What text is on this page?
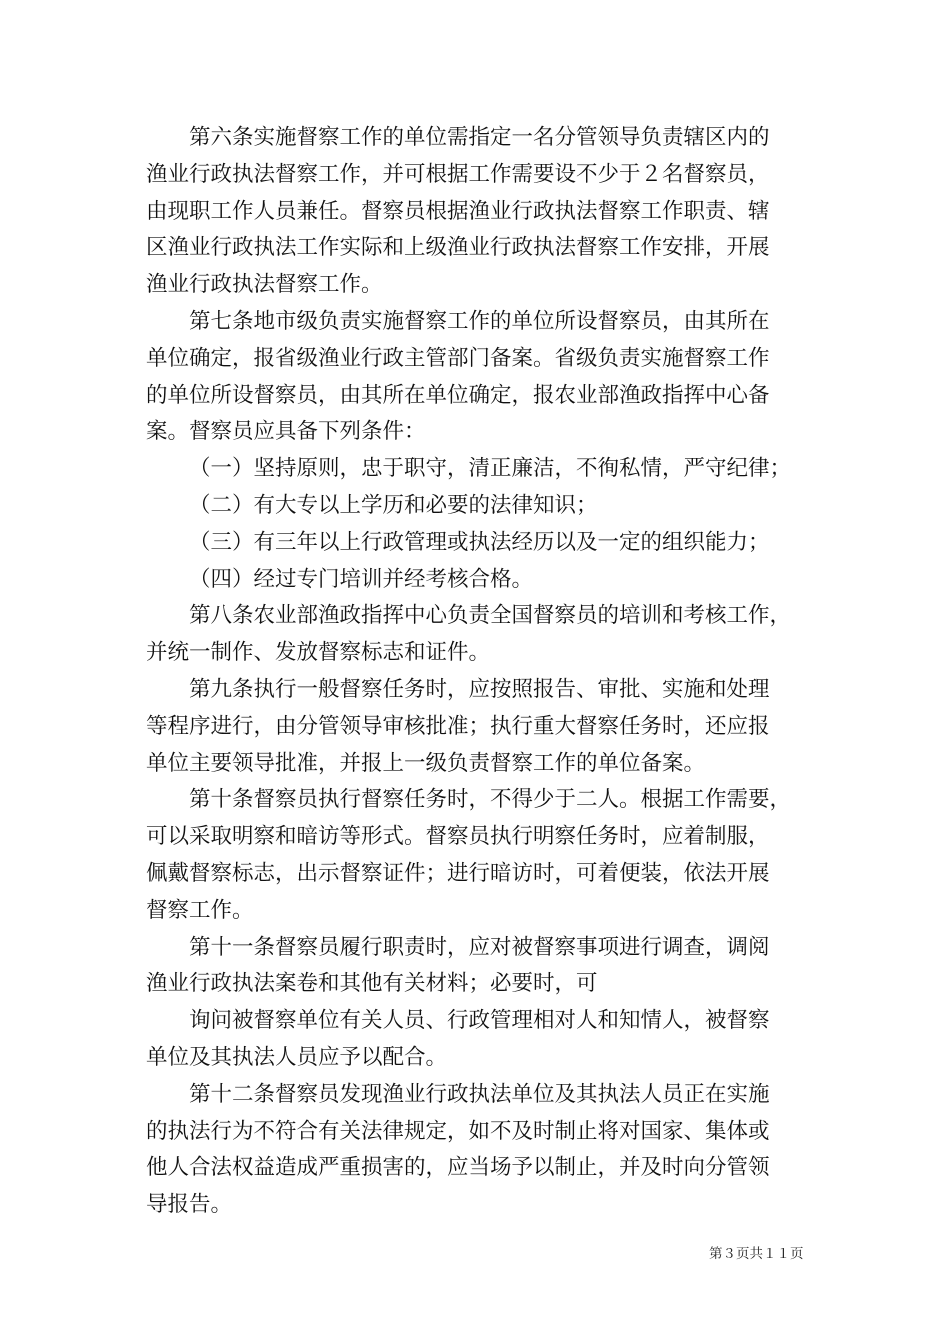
第六条实施督察工作的单位需指定一名分管领导负责辖区内的
渔业行政执法督察工作，并可根据工作需要设不少于２名督察员，
由现职工作人员兼任。督察员根据渔业行政执法督察工作职责、辖
区渔业行政执法工作实际和上级渔业行政执法督察工作安排，开展
渔业行政执法督察工作。
第七条地市级负责实施督察工作的单位所设督察员，由其所在
单位确定，报省级渔业行政主管部门备案。省级负责实施督察工作
的单位所设督察员，由其所在单位确定，报农业部渔政指挥中心备
案。督察员应具备下列条件：
（一）坚持原则，忠于职守，清正廉洁，不徇私情，严守纪律；
（二）有大专以上学历和必要的法律知识；
（三）有三年以上行政管理或执法经历以及一定的组织能力；
（四）经过专门培训并经考核合格。
第八条农业部渔政指挥中心负责全国督察员的培训和考核工作，
并统一制作、发放督察标志和证件。
第九条执行一般督察任务时，应按照报告、审批、实施和处理
等程序进行，由分管领导审核批准；执行重大督察任务时，还应报
单位主要领导批准，并报上一级负责督察工作的单位备案。
第十条督察员执行督察任务时，不得少于二人。根据工作需要，
可以采取明察和暗访等形式。督察员执行明察任务时，应着制服，
佩戴督察标志，出示督察证件；进行暗访时，可着便装，依法开展
督察工作。
第十一条督察员履行职责时，应对被督察事项进行调查，调阅
渔业行政执法案卷和其他有关材料；必要时，可
询问被督察单位有关人员、行政管理相对人和知情人，被督察
单位及其执法人员应予以配合。
第十二条督察员发现渔业行政执法单位及其执法人员正在实施
的执法行为不符合有关法律规定，如不及时制止将对国家、集体或
他人合法权益造成严重损害的，应当场予以制止，并及时向分管领
导报告。
第３页共１１页
